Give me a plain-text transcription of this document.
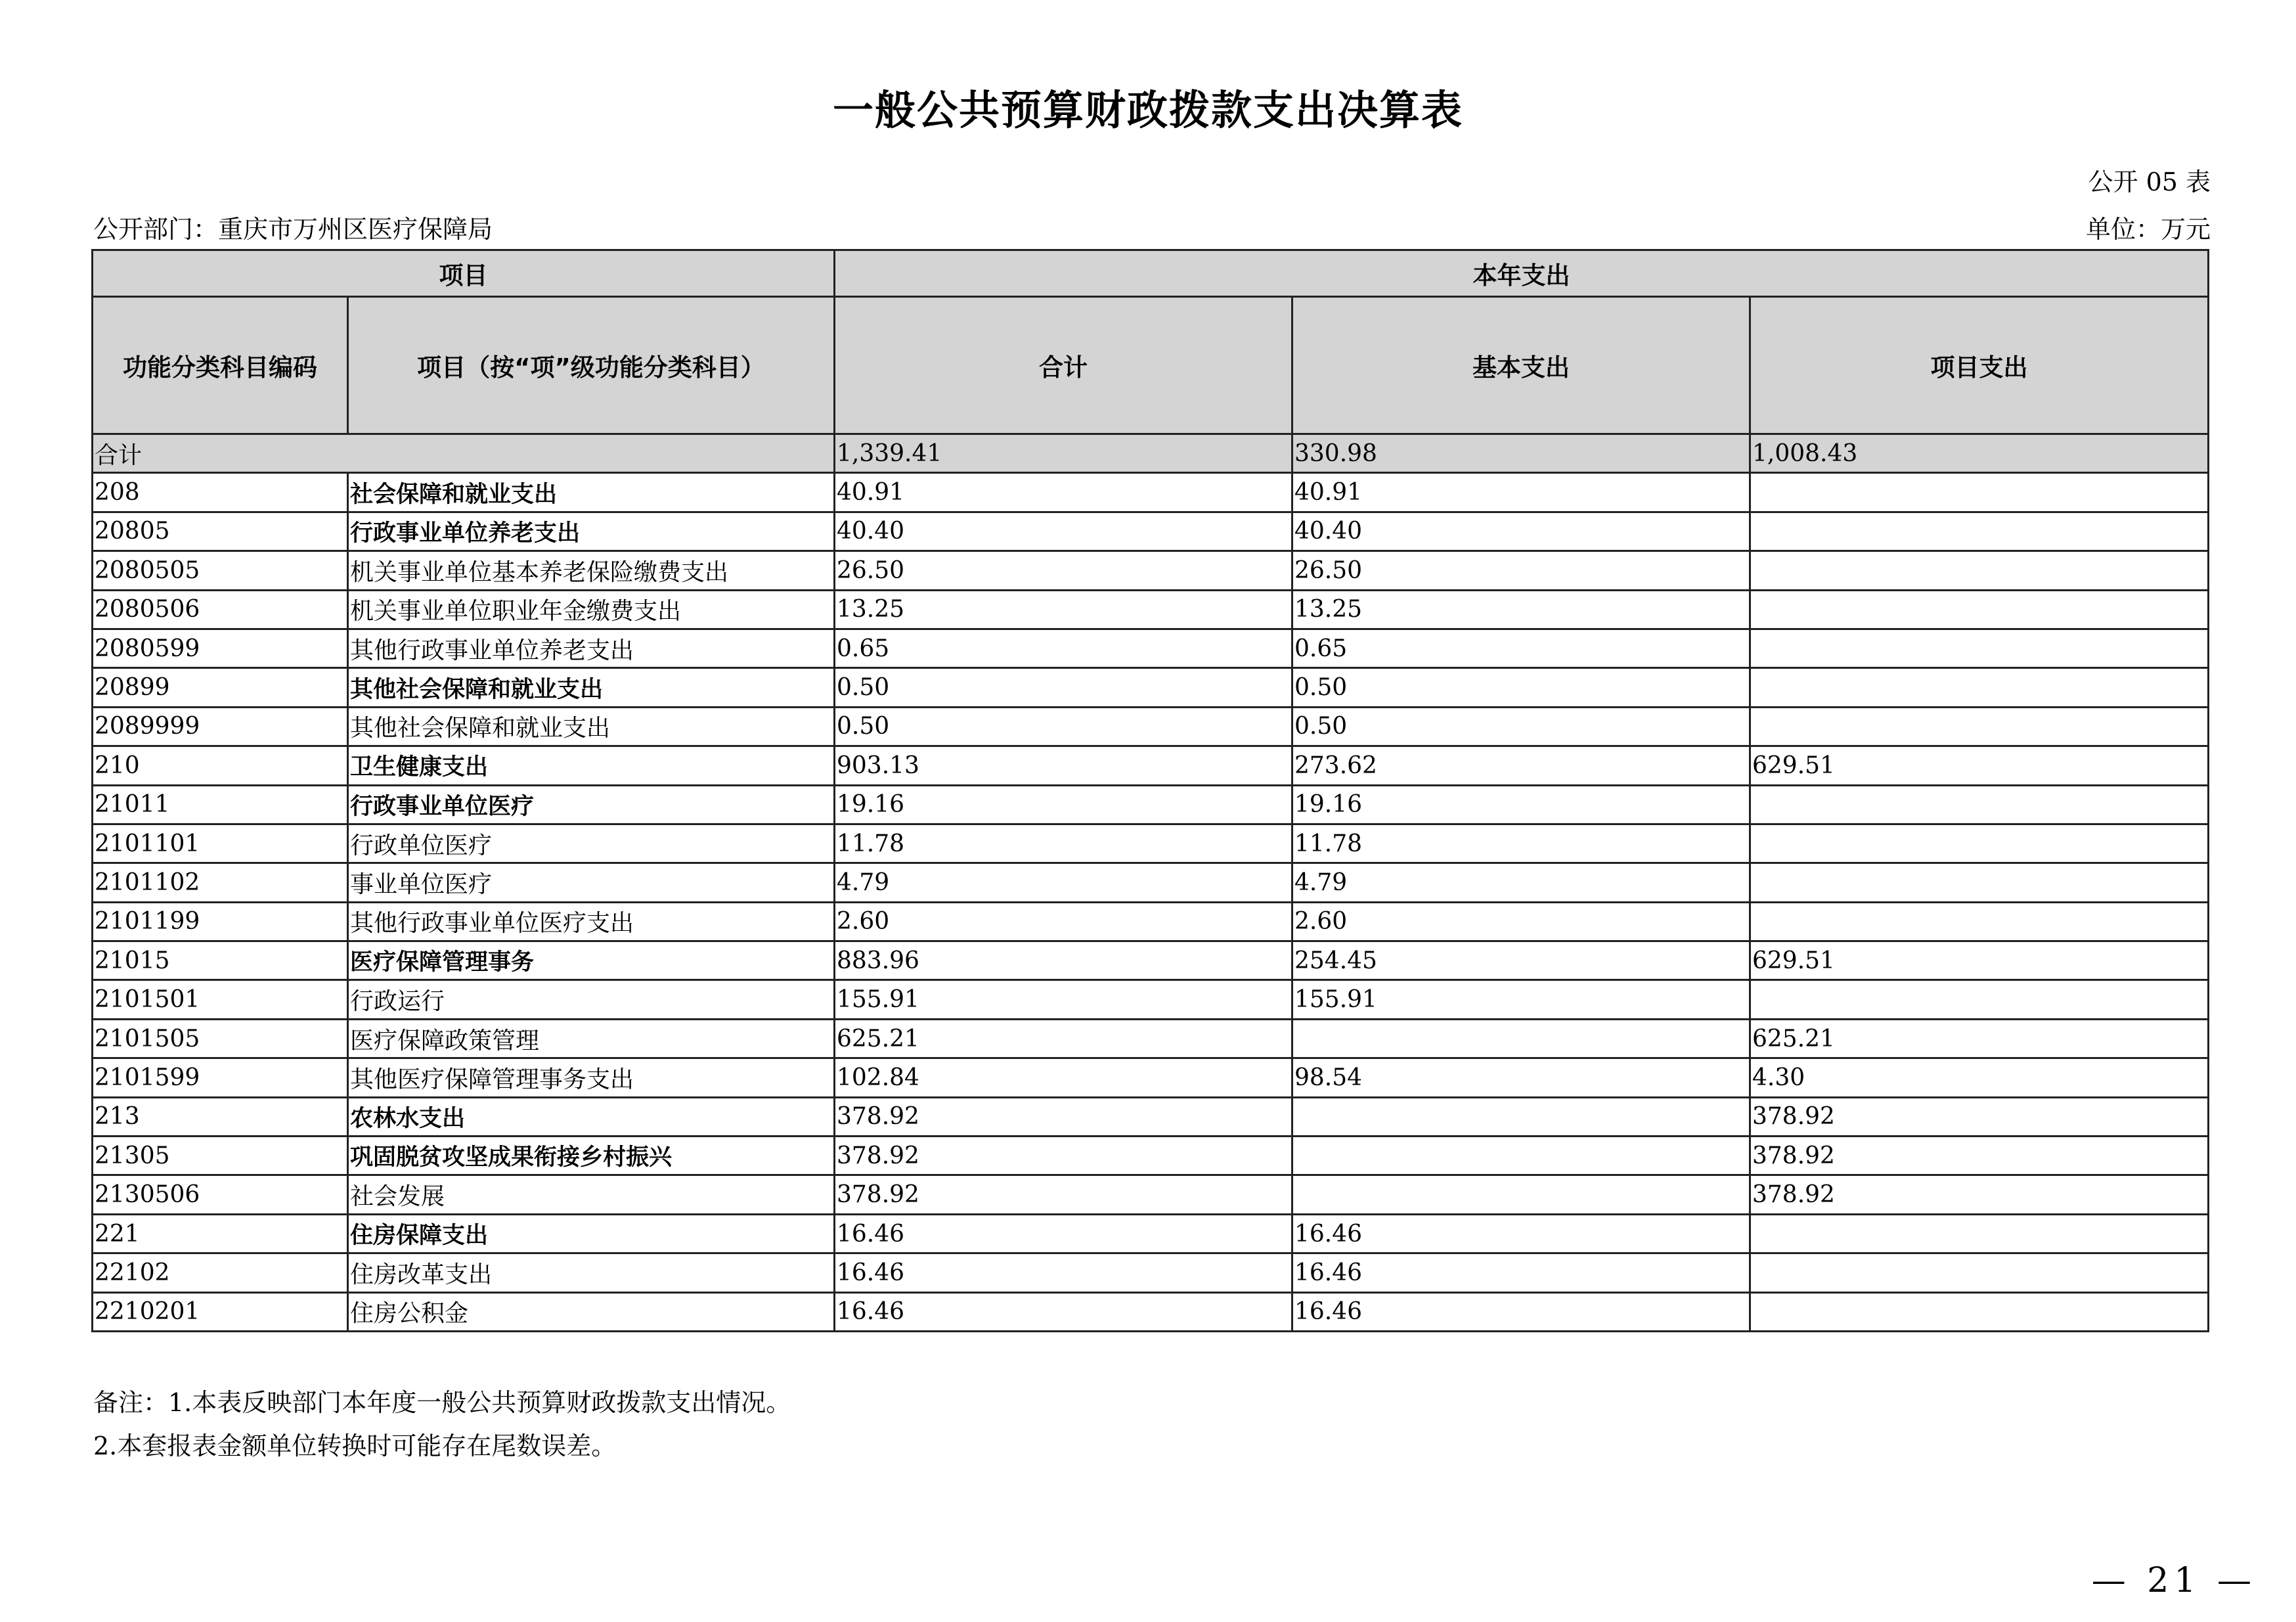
一般公共预算财政拨款支出决算表
公开 05 表
公开部门：重庆市万州区医疗保障局	单位：万元
项目		本年支出		
功能分类科目编码	项目（按“项”级功能分类科目）	合计	基本支出	项目支出
合计		1,339.41	330.98	1,008.43
208	社会保障和就业支出	40.91	40.91	
20805	行政事业单位养老支出	40.40	40.40	
2080505	机关事业单位基本养老保险缴费支出	26.50	26.50	
2080506	机关事业单位职业年金缴费支出	13.25	13.25	
2080599	其他行政事业单位养老支出	0.65	0.65	
20899	其他社会保障和就业支出	0.50	0.50	
2089999	其他社会保障和就业支出	0.50	0.50	
210	卫生健康支出	903.13	273.62	629.51
21011	行政事业单位医疗	19.16	19.16	
2101101	行政单位医疗	11.78	11.78	
2101102	事业单位医疗	4.79	4.79	
2101199	其他行政事业单位医疗支出	2.60	2.60	
21015	医疗保障管理事务	883.96	254.45	629.51
2101501	行政运行	155.91	155.91	
2101505	医疗保障政策管理	625.21		625.21
2101599	其他医疗保障管理事务支出	102.84	98.54	4.30
213	农林水支出	378.92		378.92
21305	巩固脱贫攻坚成果衔接乡村振兴	378.92		378.92
2130506	社会发展	378.92		378.92
221	住房保障支出	16.46	16.46	
22102	住房改革支出	16.46	16.46	
2210201	住房公积金	16.46	16.46	
备注：1.本表反映部门本年度一般公共预算财政拨款支出情况。
2.本套报表金额单位转换时可能存在尾数误差。
— 21 —
